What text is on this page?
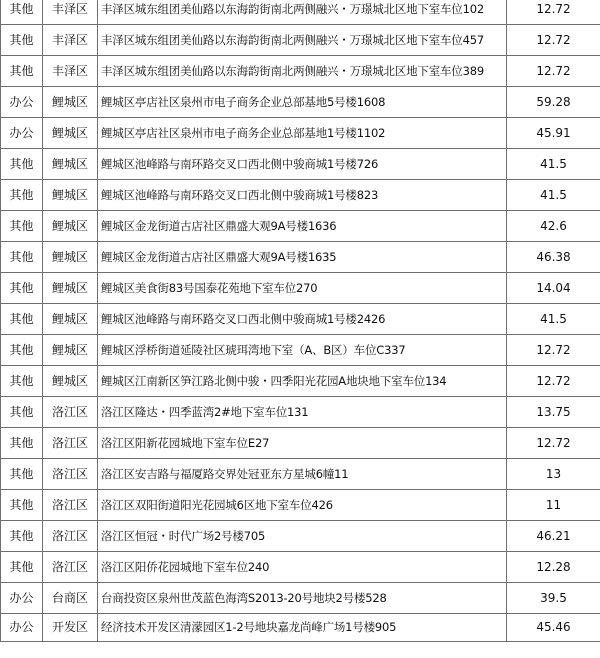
其他	丰泽区	丰泽区城东组团美仙路以东海韵街南北两侧融兴・万璟城北区地下室车位102	12.72
其他	丰泽区	丰泽区城东组团美仙路以东海韵街南北两侧融兴・万璟城北区地下室车位457	12.72
其他	丰泽区	丰泽区城东组团美仙路以东海韵街南北两侧融兴・万璟城北区地下室车位389	12.72
办公	鲤城区	鲤城区亭店社区泉州市电子商务企业总部基地5号楼1608	59.28
办公	鲤城区	鲤城区亭店社区泉州市电子商务企业总部基地1号楼1102	45.91
其他	鲤城区	鲤城区池峰路与南环路交叉口西北侧中骏商城1号楼726	41.5
其他	鲤城区	鲤城区池峰路与南环路交叉口西北侧中骏商城1号楼823	41.5
其他	鲤城区	鲤城区金龙街道古店社区鼎盛大观9A号楼1636	42.6
其他	鲤城区	鲤城区金龙街道古店社区鼎盛大观9A号楼1635	46.38
其他	鲤城区	鲤城区美食街83号国泰花苑地下室车位270	14.04
其他	鲤城区	鲤城区池峰路与南环路交叉口西北侧中骏商城1号楼2426	41.5
其他	鲤城区	鲤城区浮桥街道延陵社区琥珥湾地下室（A、B区）车位C337	12.72
其他	鲤城区	鲤城区江南新区笋江路北侧中骏・四季阳光花园A地块地下室车位134	12.72
其他	洛江区	洛江区隆达・四季蓝湾2#地下室车位131	13.75
其他	洛江区	洛江区阳新花园城地下室车位E27	12.72
其他	洛江区	洛江区安吉路与福厦路交界处冠亚东方星城6幢11	13
其他	洛江区	洛江区双阳街道阳光花园城6区地下室车位426	11
其他	洛江区	洛江区恒冠・时代广场2号楼705	46.21
其他	洛江区	洛江区阳侨花园城地下室车位240	12.28
办公	台商区	台商投资区泉州世茂蓝色海湾S2013-20号地块2号楼528	39.5
办公	开发区	经济技术开发区清濛园区1-2号地块嘉龙尚峰广场1号楼905	45.46
